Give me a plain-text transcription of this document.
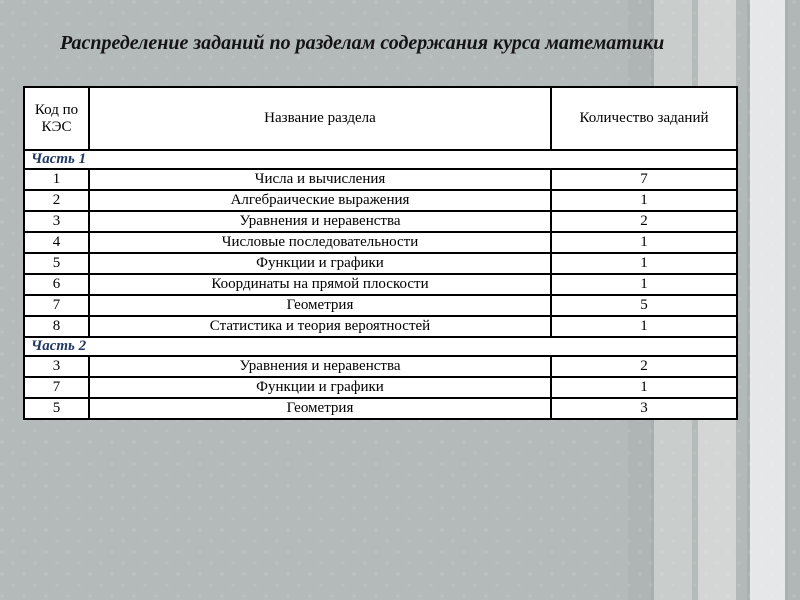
Распределение заданий по разделам содержания курса математики
Код по КЭС	Название раздела	Количество заданий
Часть 1		
1	Числа и вычисления	7
2	Алгебраические выражения	1
3	Уравнения и неравенства	2
4	Числовые последовательности	1
5	Функции и графики	1
6	Координаты на прямой плоскости	1
7	Геометрия	5
8	Статистика и теория вероятностей	1
Часть 2		
3	Уравнения и неравенства	2
7	Функции и графики	1
5	Геометрия	3
